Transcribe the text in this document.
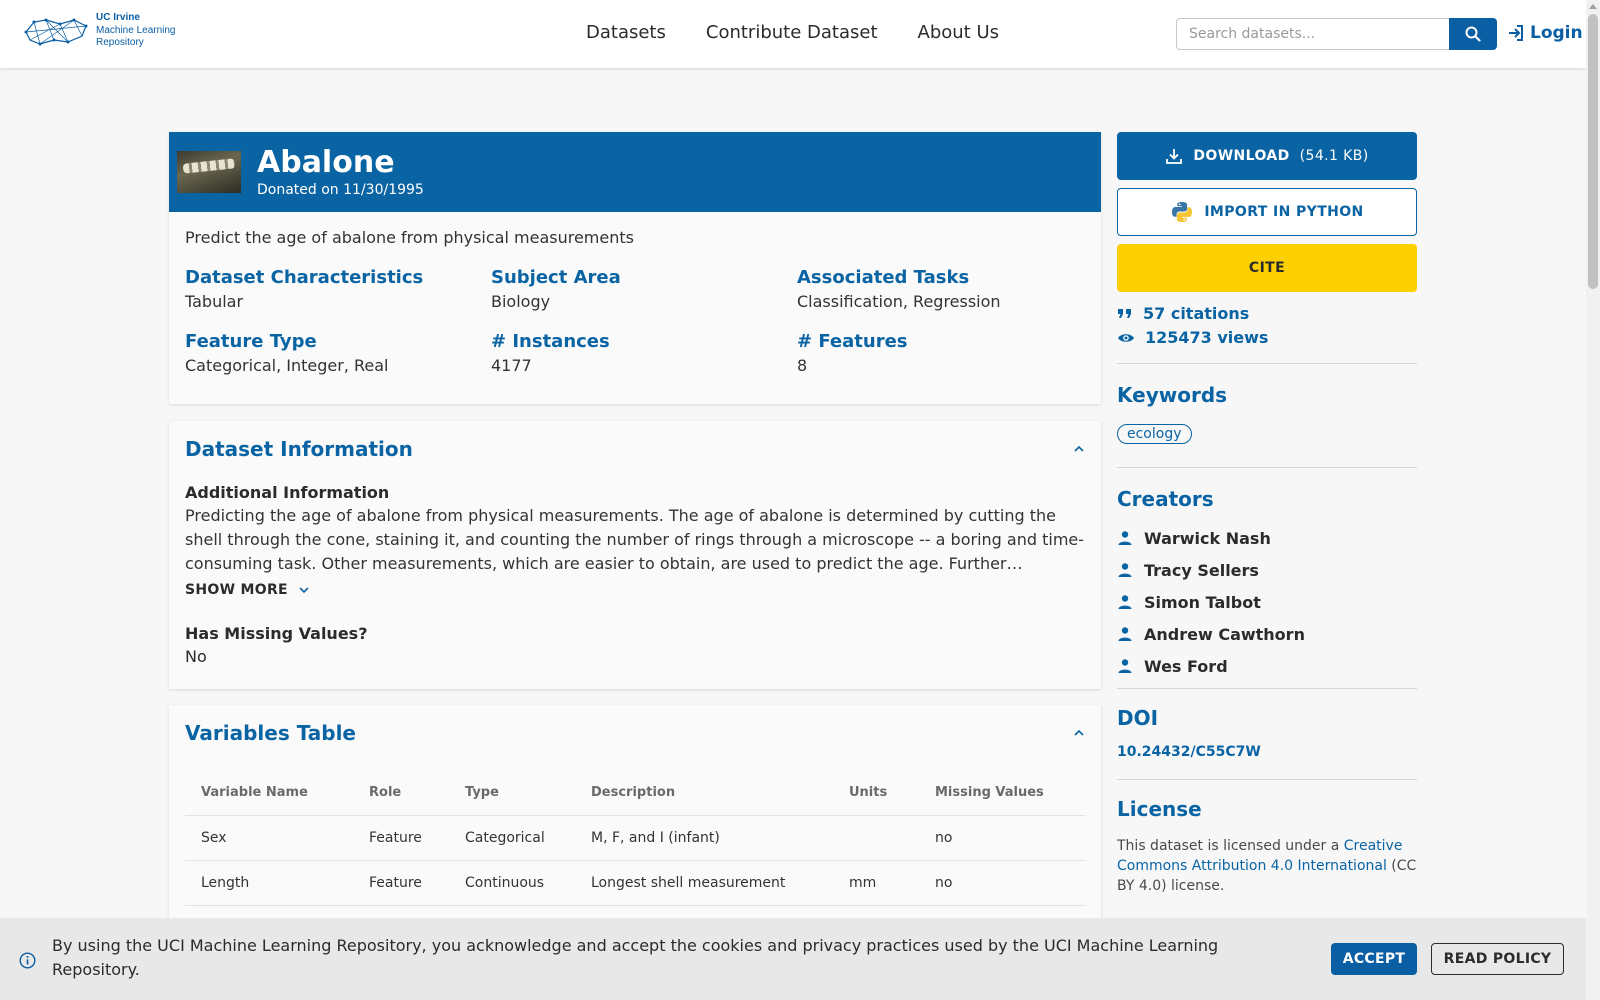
UC Irvine
Machine Learning
Repository	Datasets Contribute Dataset About Us
Search datasets...	Login
Abalone
Donated on 11/30/1995
Predict the age of abalone from physical measurements
Dataset Characteristics
Tabular
Subject Area
Biology
Associated Tasks
Classification, Regression
Feature Type
Categorical, Integer, Real
# Instances
4177
# Features
8
Dataset Information
Additional Information
Predicting the age of abalone from physical measurements. The age of abalone is determined by cutting the shell through the cone, staining it, and counting the number of rings through a microscope -- a boring and time-consuming task. Other measurements, which are easier to obtain, are used to predict the age. Further…
SHOW MORE
Has Missing Values?
No
Variables Table
Variable Name	Role	Type	Description	Units	Missing Values
Sex	Feature	Categorical	M, F, and I (infant)		no
Length	Feature	Continuous	Longest shell measurement	mm	no
DOWNLOAD (54.1 KB)
IMPORT IN PYTHON
CITE
57 citations
125473 views
Keywords
ecology
Creators
Warwick Nash
Tracy Sellers
Simon Talbot
Andrew Cawthorn
Wes Ford
DOI
10.24432/C55C7W
License
This dataset is licensed under a Creative Commons Attribution 4.0 International (CC BY 4.0) license.
By using the UCI Machine Learning Repository, you acknowledge and accept the cookies and privacy practices used by the UCI Machine Learning Repository.
ACCEPT	READ POLICY
